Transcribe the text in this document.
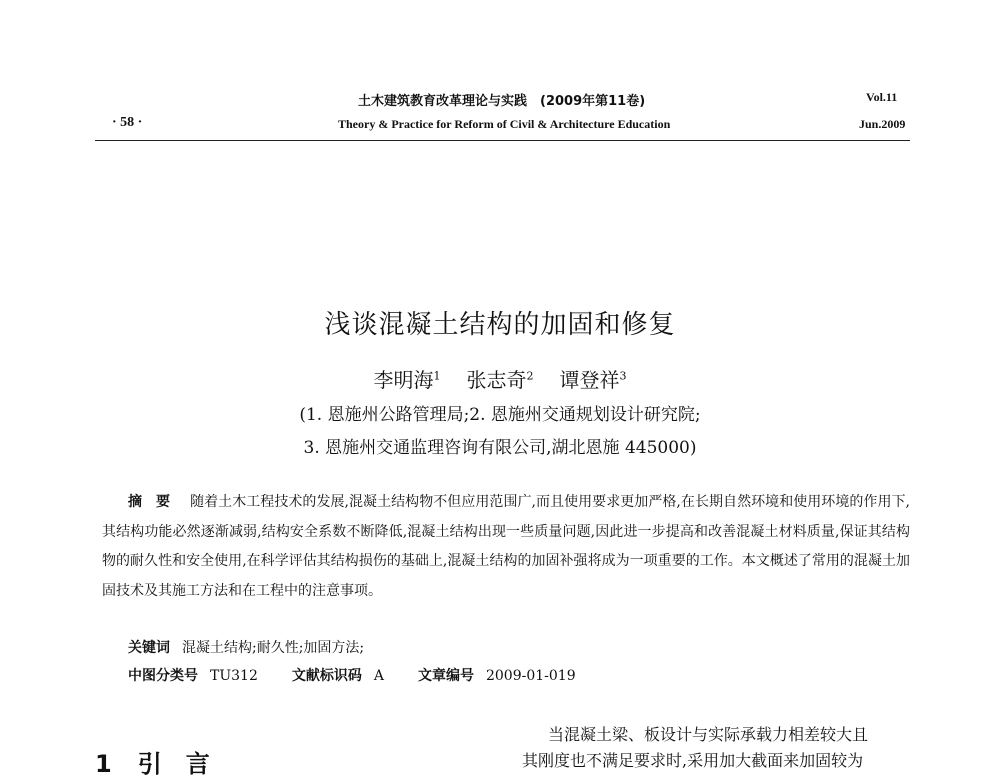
· 58 ·
土木建筑教育改革理论与实践　(2009年第11卷)
Theory & Practice for Reform of Civil & Architecture Education
Vol.11
Jun.2009
浅谈混凝土结构的加固和修复
李明海$^1$ 张志奇$^2$ 谭登祥$^3$
(1. 恩施州公路管理局;2. 恩施州交通规划设计研究院;
3. 恩施州交通监理咨询有限公司,湖北恩施 445000)
摘要 随着土木工程技术的发展,混凝土结构物不但应用范围广,而且使用要求更加严格,在长期自然环境和使用环境的作用下,其结构功能必然逐渐减弱,结构安全系数不断降低,混凝土结构出现一些质量问题,因此进一步提高和改善混凝土材料质量,保证其结构物的耐久性和安全使用,在科学评估其结构损伤的基础上,混凝土结构的加固补强将成为一项重要的工作。本文概述了常用的混凝土加固技术及其施工方法和在工程中的注意事项。
关键词 混凝土结构;耐久性;加固方法;
中图分类号 TU312 文献标识码 A 文章编号 2009-01-019
当混凝土梁、板设计与实际承载力相差较大且
其刚度也不满足要求时,采用加大截面来加固较为
1 引　言
